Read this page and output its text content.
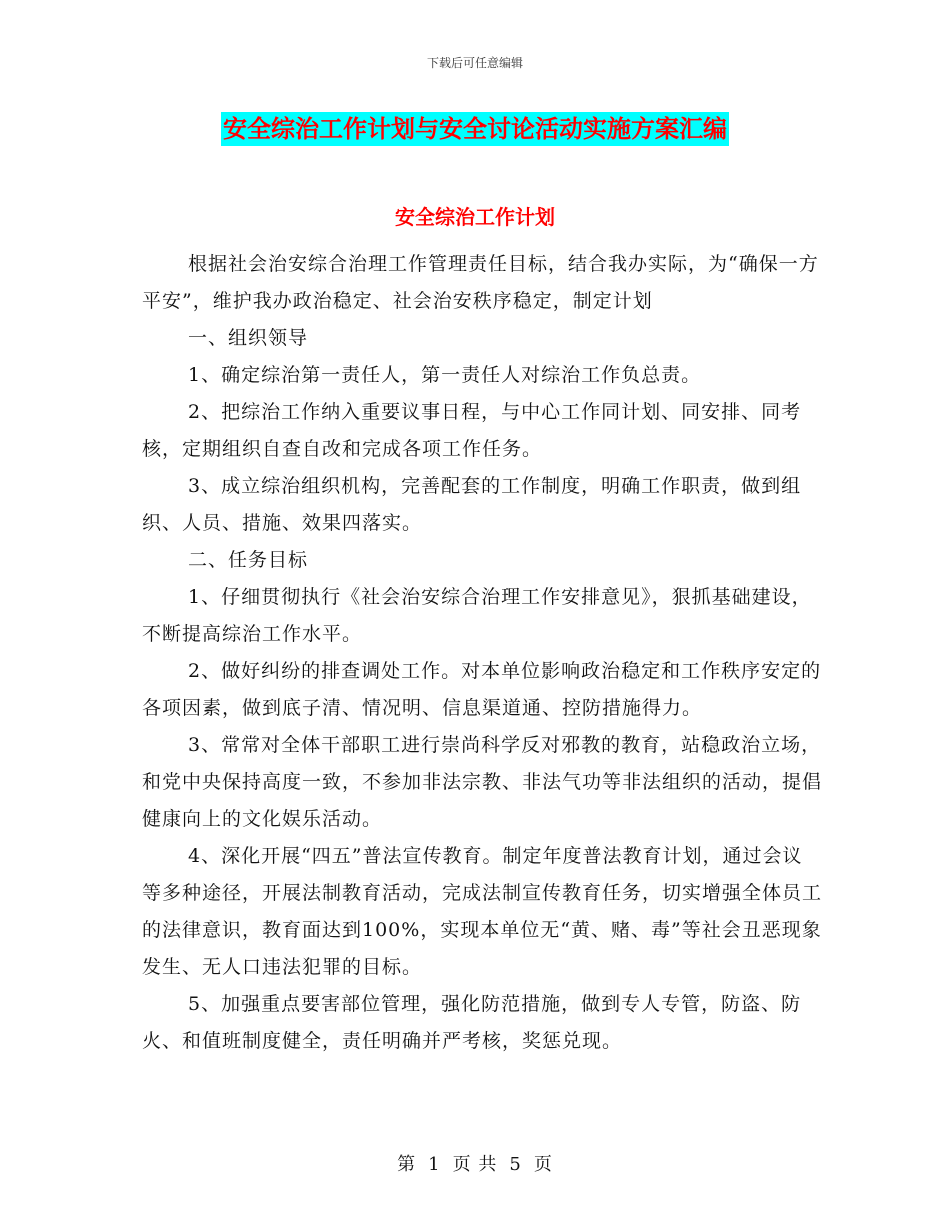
下载后可任意编辑
安全综治工作计划与安全讨论活动实施方案汇编
安全综治工作计划

根据社会治安综合治理工作管理责任目标，结合我办实际，为“确保一方平安”，维护我办政治稳定、社会治安秩序稳定，制定计划

一、组织领导

1、确定综治第一责任人，第一责任人对综治工作负总责。

2、把综治工作纳入重要议事日程，与中心工作同计划、同安排、同考核，定期组织自查自改和完成各项工作任务。

3、成立综治组织机构，完善配套的工作制度，明确工作职责，做到组织、人员、措施、效果四落实。

二、任务目标

1、仔细贯彻执行《社会治安综合治理工作安排意见》，狠抓基础建设，不断提高综治工作水平。

2、做好纠纷的排查调处工作。对本单位影响政治稳定和工作秩序安定的各项因素，做到底子清、情况明、信息渠道通、控防措施得力。

3、常常对全体干部职工进行崇尚科学反对邪教的教育，站稳政治立场，和党中央保持高度一致，不参加非法宗教、非法气功等非法组织的活动，提倡健康向上的文化娱乐活动。

4、深化开展“四五”普法宣传教育。制定年度普法教育计划，通过会议等多种途径，开展法制教育活动，完成法制宣传教育任务，切实增强全体员工的法律意识，教育面达到100%，实现本单位无“黄、赌、毒”等社会丑恶现象发生、无人口违法犯罪的目标。

5、加强重点要害部位管理，强化防范措施，做到专人专管，防盗、防火、和值班制度健全，责任明确并严考核，奖惩兑现。

第 1 页 共 5 页
